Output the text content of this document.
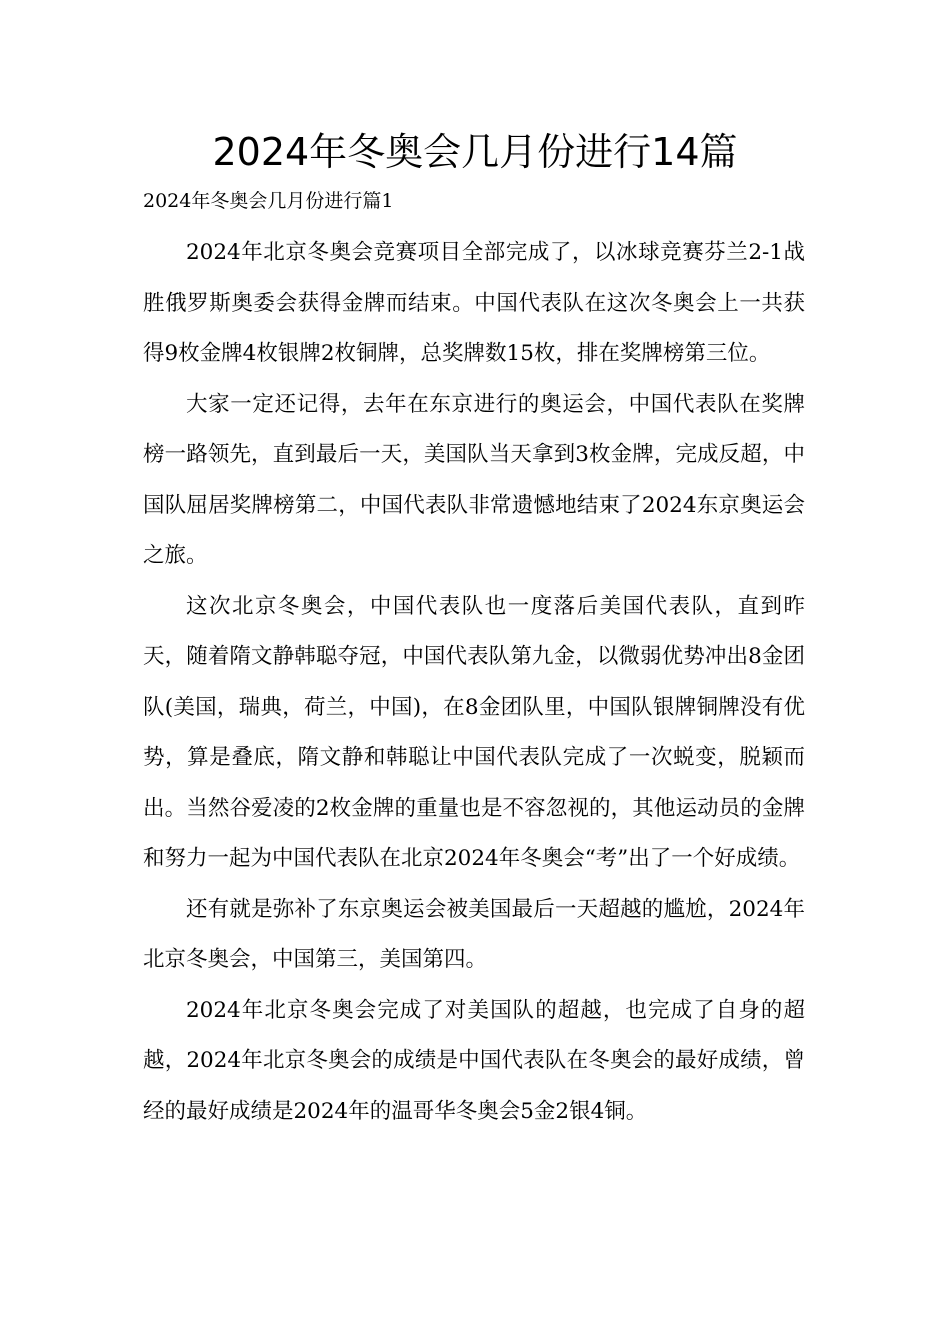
2024年冬奥会几月份进行14篇
2024年冬奥会几月份进行篇1

2024年北京冬奥会竞赛项目全部完成了，以冰球竞赛芬兰2-1战胜俄罗斯奥委会获得金牌而结束。中国代表队在这次冬奥会上一共获得9枚金牌4枚银牌2枚铜牌，总奖牌数15枚，排在奖牌榜第三位。

大家一定还记得，去年在东京进行的奥运会，中国代表队在奖牌榜一路领先，直到最后一天，美国队当天拿到3枚金牌，完成反超，中国队屈居奖牌榜第二，中国代表队非常遗憾地结束了2024东京奥运会之旅。

这次北京冬奥会，中国代表队也一度落后美国代表队，直到昨天，随着隋文静韩聪夺冠，中国代表队第九金，以微弱优势冲出8金团队(美国，瑞典，荷兰，中国)，在8金团队里，中国队银牌铜牌没有优势，算是叠底，隋文静和韩聪让中国代表队完成了一次蜕变，脱颖而出。当然谷爱凌的2枚金牌的重量也是不容忽视的，其他运动员的金牌和努力一起为中国代表队在北京2024年冬奥会“考”出了一个好成绩。

还有就是弥补了东京奥运会被美国最后一天超越的尴尬，2024年北京冬奥会，中国第三，美国第四。

2024年北京冬奥会完成了对美国队的超越，也完成了自身的超越，2024年北京冬奥会的成绩是中国代表队在冬奥会的最好成绩，曾经的最好成绩是2024年的温哥华冬奥会5金2银4铜。
